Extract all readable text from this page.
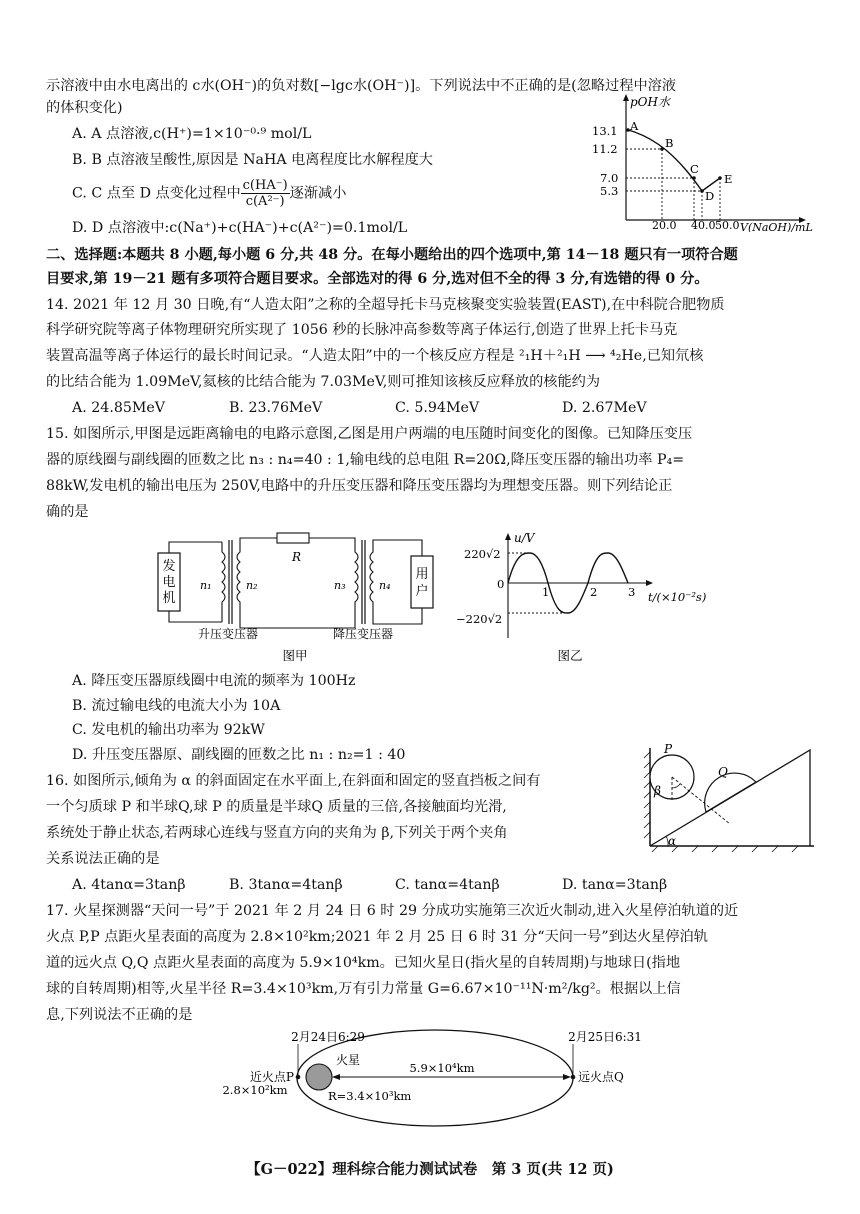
示溶液中由水电离出的 c水(OH⁻)的负对数[−lgc水(OH⁻)]。下列说法中不正确的是(忽略过程中溶液
的体积变化)
A. A 点溶液,c(H⁺)=1×10⁻⁰·⁹ mol/L
B. B 点溶液呈酸性,原因是 NaHA 电离程度比水解程度大
C. C 点至 D 点变化过程中 $\frac{c(HA^-)}{\text{c(A²⁻)}}$ 逐渐减小
D. D 点溶液中:c(Na⁺)+c(HA⁻)+c(A²⁻)=0.1mol/L
pOH水
V(NaOH)/mL
13.1
11.2
7.0
5.3
20.0 40.0 50.0
A
B
C
D
E
二、选择题:本题共 8 小题,每小题 6 分,共 48 分。在每小题给出的四个选项中,第 14－18 题只有一项符合题
目要求,第 19－21 题有多项符合题目要求。全部选对的得 6 分,选对但不全的得 3 分,有选错的得 0 分。
14. 2021 年 12 月 30 日晚,有“人造太阳”之称的全超导托卡马克核聚变实验装置(EAST),在中科院合肥物质
科学研究院等离子体物理研究所实现了 1056 秒的长脉冲高参数等离子体运行,创造了世界上托卡马克
装置高温等离子体运行的最长时间记录。“人造太阳”中的一个核反应方程是 ²₁H＋²₁H ⟶ ⁴₂He,已知氘核
的比结合能为 1.09MeV,氦核的比结合能为 7.03MeV,则可推知该核反应释放的核能约为
A. 24.85MeV	B. 23.76MeV	C. 5.94MeV	D. 2.67MeV
15. 如图所示,甲图是远距离输电的电路示意图,乙图是用户两端的电压随时间变化的图像。已知降压变压
器的原线圈与副线圈的匝数之比 n₃ : n₄=40 : 1,输电线的总电阻 R=20Ω,降压变压器的输出功率 P₄=
88kW,发电机的输出电压为 250V,电路中的升压变压器和降压变压器均为理想变压器。则下列结论正
确的是
发
电
机
n₁	n₂
R
n₃	n₄
用
户
升压变压器	降压变压器
图甲
u/V
t/(×10⁻²s)
220√2
−220√2
0
1	2	3
图乙
A. 降压变压器原线圈中电流的频率为 100Hz
B. 流过输电线的电流大小为 10A
C. 发电机的输出功率为 92kW
D. 升压变压器原、副线圈的匝数之比 n₁ : n₂=1 : 40
16. 如图所示,倾角为 α 的斜面固定在水平面上,在斜面和固定的竖直挡板之间有
一个匀质球 P 和半球Q,球 P 的质量是半球Q 质量的三倍,各接触面均光滑,
系统处于静止状态,若两球心连线与竖直方向的夹角为 β,下列关于两个夹角
关系说法正确的是
A. 4tanα=3tanβ	B. 3tanα=4tanβ	C. tanα=4tanβ	D. tanα=3tanβ
P
Q
β
α
17. 火星探测器“天问一号”于 2021 年 2 月 24 日 6 时 29 分成功实施第三次近火制动,进入火星停泊轨道的近
火点 P,P 点距火星表面的高度为 2.8×10²km;2021 年 2 月 25 日 6 时 31 分“天问一号”到达火星停泊轨
道的远火点 Q,Q 点距火星表面的高度为 5.9×10⁴km。已知火星日(指火星的自转周期)与地球日(指地
球的自转周期)相等,火星半径 R=3.4×10³km,万有引力常量 G=6.67×10⁻¹¹N·m²/kg²。根据以上信
息,下列说法不正确的是
2月24日6:29	2月25日6:31
近火点P	远火点Q
火星
5.9×10⁴km
2.8×10²km	R=3.4×10³km
【G－022】理科综合能力测试试卷　第 3 页(共 12 页)
